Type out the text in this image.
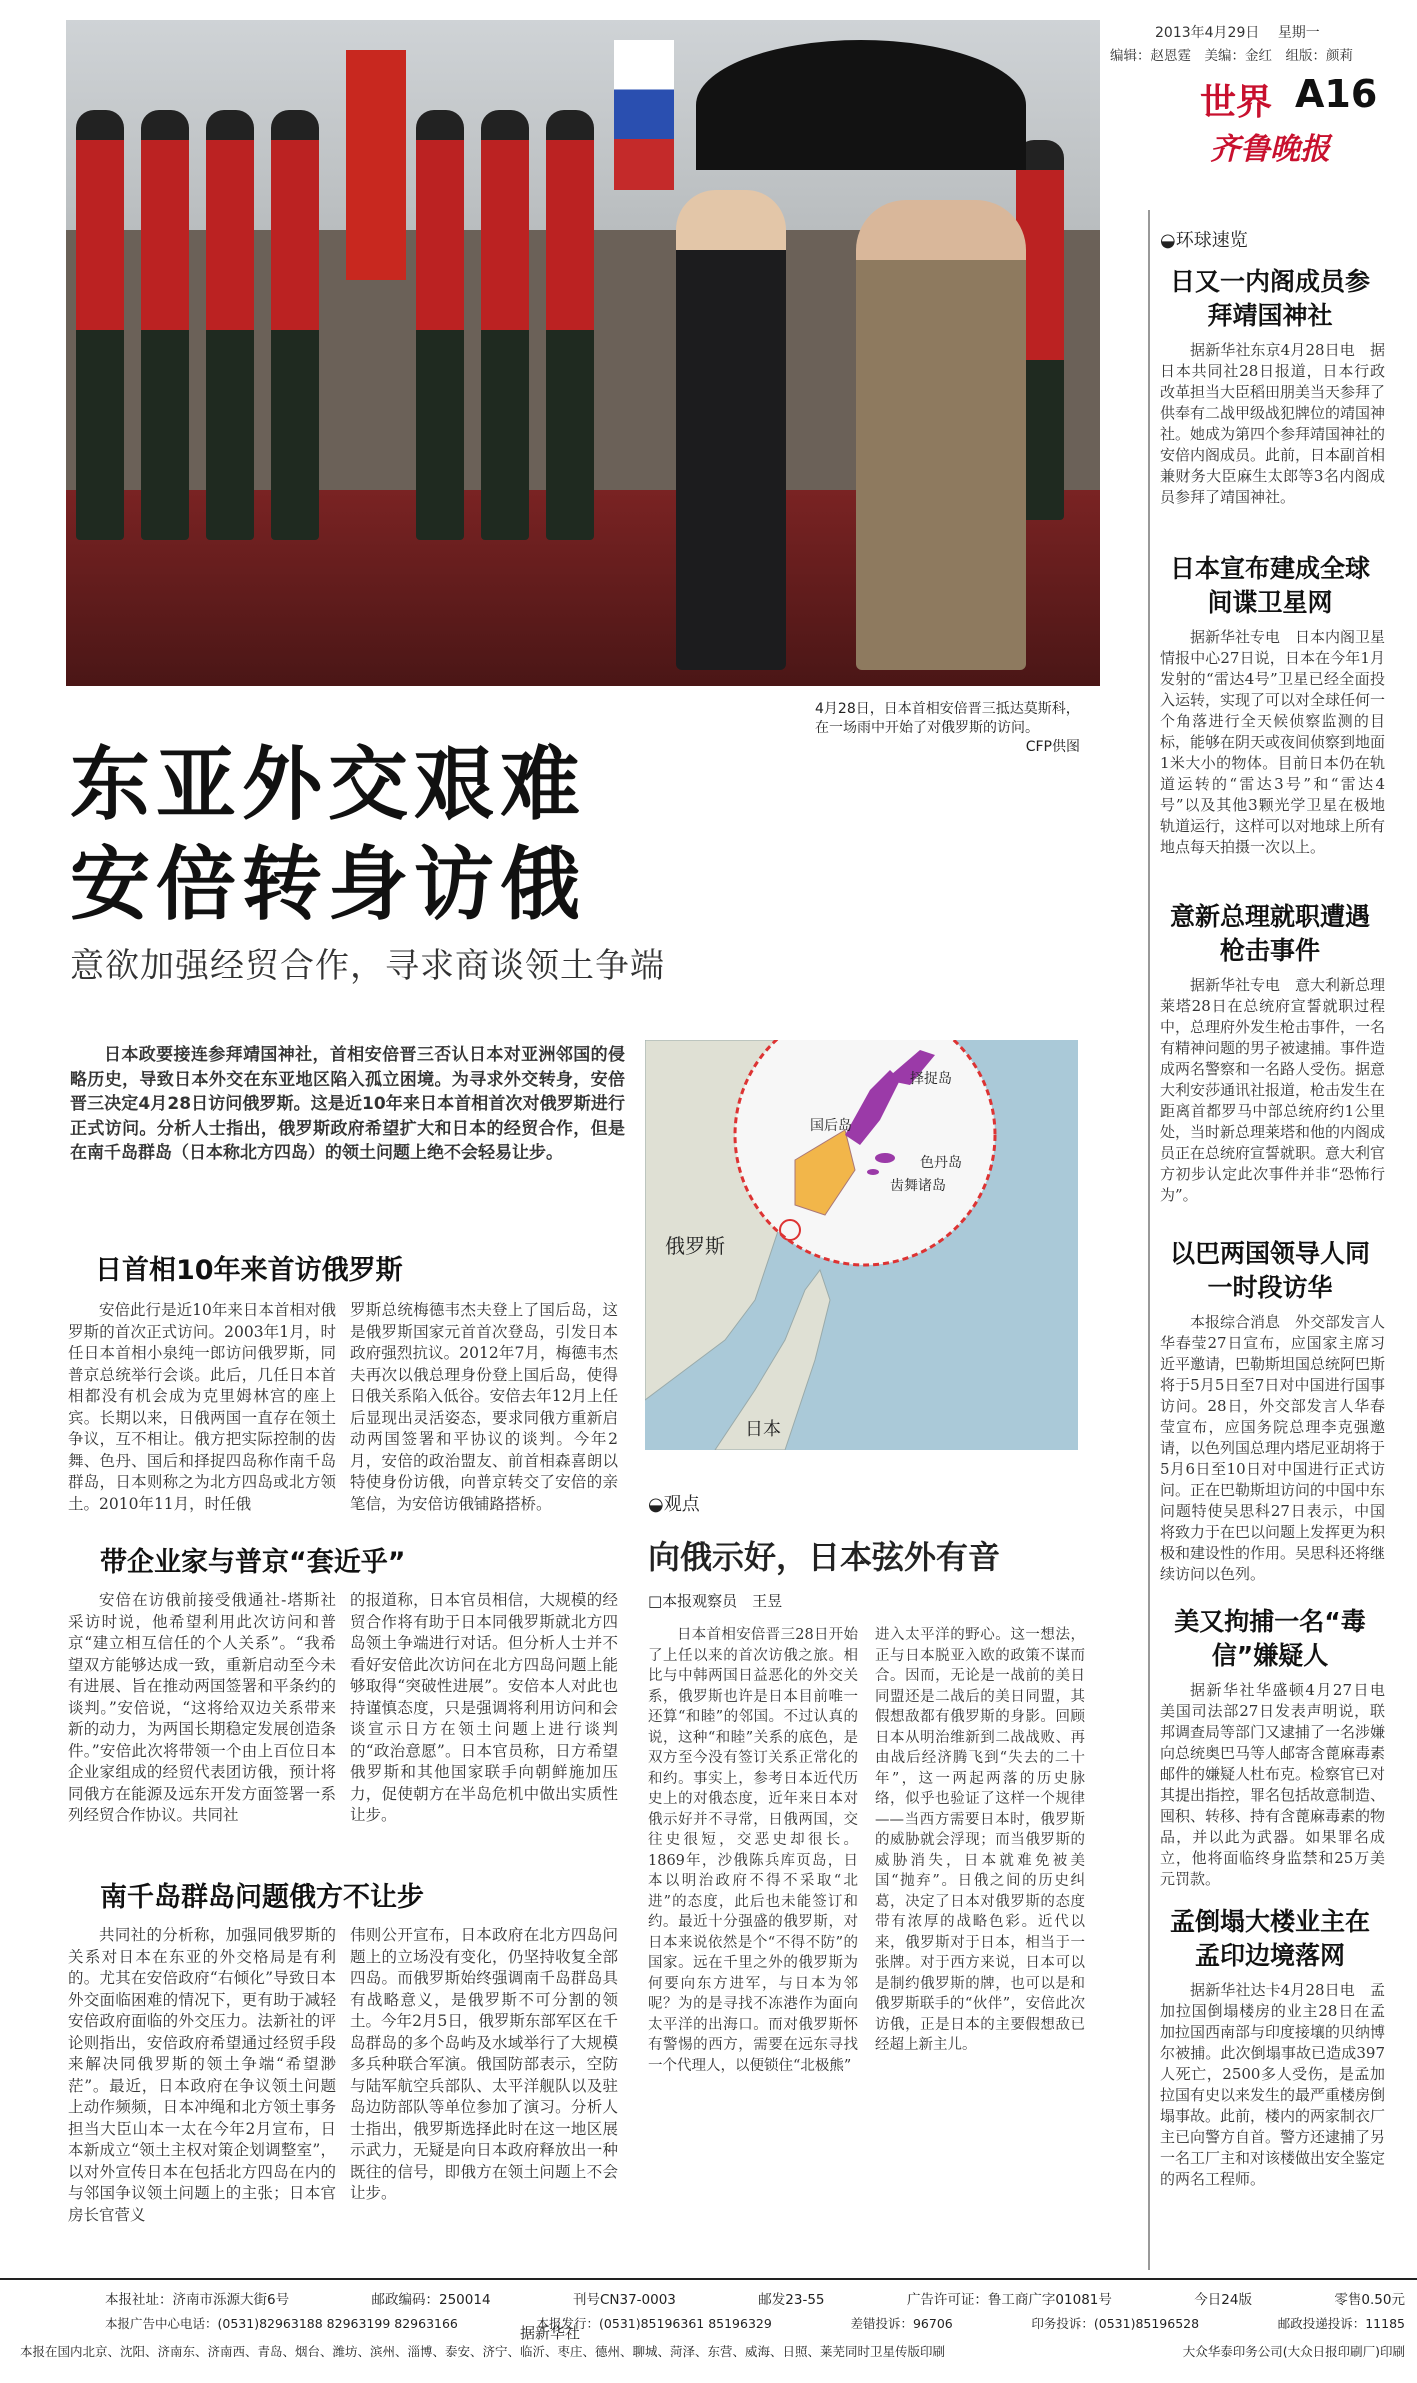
2013年4月29日 星期一
编辑：赵恩霆　美编：金红　组版：颜莉
世界 A16
齐鲁晚报
4月28日，日本首相安倍晋三抵达莫斯科，在一场雨中开始了对俄罗斯的访问。
CFP供图
东亚外交艰难
安倍转身访俄
意欲加强经贸合作，寻求商谈领土争端
日本政要接连参拜靖国神社，首相安倍晋三否认日本对亚洲邻国的侵略历史，导致日本外交在东亚地区陷入孤立困境。为寻求外交转身，安倍晋三决定4月28日访问俄罗斯。这是近10年来日本首相首次对俄罗斯进行正式访问。分析人士指出，俄罗斯政府希望扩大和日本的经贸合作，但是在南千岛群岛（日本称北方四岛）的领土问题上绝不会轻易让步。
日首相10年来首访俄罗斯
安倍此行是近10年来日本首相对俄罗斯的首次正式访问。2003年1月，时任日本首相小泉纯一郎访问俄罗斯，同普京总统举行会谈。此后，几任日本首相都没有机会成为克里姆林宫的座上宾。长期以来，日俄两国一直存在领土争议，互不相让。俄方把实际控制的齿舞、色丹、国后和择捉四岛称作南千岛群岛，日本则称之为北方四岛或北方领土。2010年11月，时任俄
罗斯总统梅德韦杰夫登上了国后岛，这是俄罗斯国家元首首次登岛，引发日本政府强烈抗议。2012年7月，梅德韦杰夫再次以俄总理身份登上国后岛，使得日俄关系陷入低谷。安倍去年12月上任后显现出灵活姿态，要求同俄方重新启动两国签署和平协议的谈判。今年2月，安倍的政治盟友、前首相森喜朗以特使身份访俄，向普京转交了安倍的亲笔信，为安倍访俄铺路搭桥。
带企业家与普京“套近乎”
安倍在访俄前接受俄通社-塔斯社采访时说，他希望利用此次访问和普京“建立相互信任的个人关系”。“我希望双方能够达成一致，重新启动至今未有进展、旨在推动两国签署和平条约的谈判。”安倍说，“这将给双边关系带来新的动力，为两国长期稳定发展创造条件。”安倍此次将带领一个由上百位日本企业家组成的经贸代表团访俄，预计将同俄方在能源及远东开发方面签署一系列经贸合作协议。共同社
的报道称，日本官员相信，大规模的经贸合作将有助于日本同俄罗斯就北方四岛领土争端进行对话。但分析人士并不看好安倍此次访问在北方四岛问题上能够取得“突破性进展”。安倍本人对此也持谨慎态度，只是强调将利用访问和会谈宣示日方在领土问题上进行谈判的“政治意愿”。日本官员称，日方希望俄罗斯和其他国家联手向朝鲜施加压力，促使朝方在半岛危机中做出实质性让步。
南千岛群岛问题俄方不让步
共同社的分析称，加强同俄罗斯的关系对日本在东亚的外交格局是有利的。尤其在安倍政府“右倾化”导致日本外交面临困难的情况下，更有助于减轻安倍政府面临的外交压力。法新社的评论则指出，安倍政府希望通过经贸手段来解决同俄罗斯的领土争端“希望渺茫”。最近，日本政府在争议领土问题上动作频频，日本冲绳和北方领土事务担当大臣山本一太在今年2月宣布，日本新成立“领土主权对策企划调整室”，以对外宣传日本在包括北方四岛在内的与邻国争议领土问题上的主张；日本官房长官菅义
伟则公开宣布，日本政府在北方四岛问题上的立场没有变化，仍坚持收复全部四岛。而俄罗斯始终强调南千岛群岛具有战略意义，是俄罗斯不可分割的领土。今年2月5日，俄罗斯东部军区在千岛群岛的多个岛屿及水域举行了大规模多兵种联合军演。俄国防部表示，空防与陆军航空兵部队、太平洋舰队以及驻岛边防部队等单位参加了演习。分析人士指出，俄罗斯选择此时在这一地区展示武力，无疑是向日本政府释放出一种既往的信号，即俄方在领土问题上不会让步。
据新华社
俄罗斯
日本
择捉岛
国后岛
色丹岛
齿舞诸岛
◒观点
向俄示好，日本弦外有音
□本报观察员　王昱
日本首相安倍晋三28日开始了上任以来的首次访俄之旅。相比与中韩两国日益恶化的外交关系，俄罗斯也许是日本目前唯一还算“和睦”的邻国。不过认真的说，这种“和睦”关系的底色，是双方至今没有签订关系正常化的和约。事实上，参考日本近代历史上的对俄态度，近年来日本对俄示好并不寻常，日俄两国，交往史很短，交恶史却很长。1869年，沙俄陈兵库页岛，日本以明治政府不得不采取“北进”的态度，此后也未能签订和约。最近十分强盛的俄罗斯，对日本来说依然是个“不得不防”的国家。远在千里之外的俄罗斯为何要向东方进军，与日本为邻呢？为的是寻找不冻港作为面向太平洋的出海口。而对俄罗斯怀有警惕的西方，需要在远东寻找一个代理人，以便锁住“北极熊”
进入太平洋的野心。这一想法，正与日本脱亚入欧的政策不谋而合。因而，无论是一战前的美日同盟还是二战后的美日同盟，其假想敌都有俄罗斯的身影。回顾日本从明治维新到二战战败、再由战后经济腾飞到“失去的二十年”，这一两起两落的历史脉络，似乎也验证了这样一个规律——当西方需要日本时，俄罗斯的威胁就会浮现；而当俄罗斯的威胁消失，日本就难免被美国“抛弃”。日俄之间的历史纠葛，决定了日本对俄罗斯的态度带有浓厚的战略色彩。近代以来，俄罗斯对于日本，相当于一张牌。对于西方来说，日本可以是制约俄罗斯的牌，也可以是和俄罗斯联手的“伙伴”，安倍此次访俄，正是日本的主要假想敌已经超上新主儿。
◒环球速览
日又一内阁成员参拜靖国神社
据新华社东京4月28日电　据日本共同社28日报道，日本行政改革担当大臣稻田朋美当天参拜了供奉有二战甲级战犯牌位的靖国神社。她成为第四个参拜靖国神社的安倍内阁成员。此前，日本副首相兼财务大臣麻生太郎等3名内阁成员参拜了靖国神社。
日本宣布建成全球间谍卫星网
据新华社专电　日本内阁卫星情报中心27日说，日本在今年1月发射的“雷达4号”卫星已经全面投入运转，实现了可以对全球任何一个角落进行全天候侦察监测的目标，能够在阴天或夜间侦察到地面1米大小的物体。目前日本仍在轨道运转的“雷达3号”和“雷达4号”以及其他3颗光学卫星在极地轨道运行，这样可以对地球上所有地点每天拍摄一次以上。
意新总理就职遭遇枪击事件
据新华社专电　意大利新总理莱塔28日在总统府宣誓就职过程中，总理府外发生枪击事件，一名有精神问题的男子被逮捕。事件造成两名警察和一名路人受伤。据意大利安莎通讯社报道，枪击发生在距离首都罗马中部总统府约1公里处，当时新总理莱塔和他的内阁成员正在总统府宣誓就职。意大利官方初步认定此次事件并非“恐怖行为”。
以巴两国领导人同一时段访华
本报综合消息　外交部发言人华春莹27日宣布，应国家主席习近平邀请，巴勒斯坦国总统阿巴斯将于5月5日至7日对中国进行国事访问。28日，外交部发言人华春莹宣布，应国务院总理李克强邀请，以色列国总理内塔尼亚胡将于5月6日至10日对中国进行正式访问。正在巴勒斯坦访问的中国中东问题特使吴思科27日表示，中国将致力于在巴以问题上发挥更为积极和建设性的作用。吴思科还将继续访问以色列。
美又拘捕一名“毒信”嫌疑人
据新华社华盛顿4月27日电　美国司法部27日发表声明说，联邦调查局等部门又逮捕了一名涉嫌向总统奥巴马等人邮寄含蓖麻毒素邮件的嫌疑人杜布克。检察官已对其提出指控，罪名包括故意制造、囤积、转移、持有含蓖麻毒素的物品，并以此为武器。如果罪名成立，他将面临终身监禁和25万美元罚款。
孟倒塌大楼业主在孟印边境落网
据新华社达卡4月28日电　孟加拉国倒塌楼房的业主28日在孟加拉国西南部与印度接壤的贝纳博尔被捕。此次倒塌事故已造成397人死亡，2500多人受伤，是孟加拉国有史以来发生的最严重楼房倒塌事故。此前，楼内的两家制衣厂主已向警方自首。警方还逮捕了另一名工厂主和对该楼做出安全鉴定的两名工程师。
本报社址：济南市泺源大街6号	邮政编码：250014	刊号CN37-0003	邮发23-55	广告许可证：鲁工商广字01081号	今日24版	零售0.50元
本报广告中心电话：(0531)82963188 82963199 82963166	本报发行：(0531)85196361 85196329	差错投诉：96706	印务投诉：(0531)85196528	邮政投递投诉：11185
本报在国内北京、沈阳、济南东、济南西、青岛、烟台、潍坊、滨州、淄博、泰安、济宁、临沂、枣庄、德州、聊城、菏泽、东营、威海、日照、莱芜同时卫星传版印刷	大众华泰印务公司(大众日报印刷厂)印刷
